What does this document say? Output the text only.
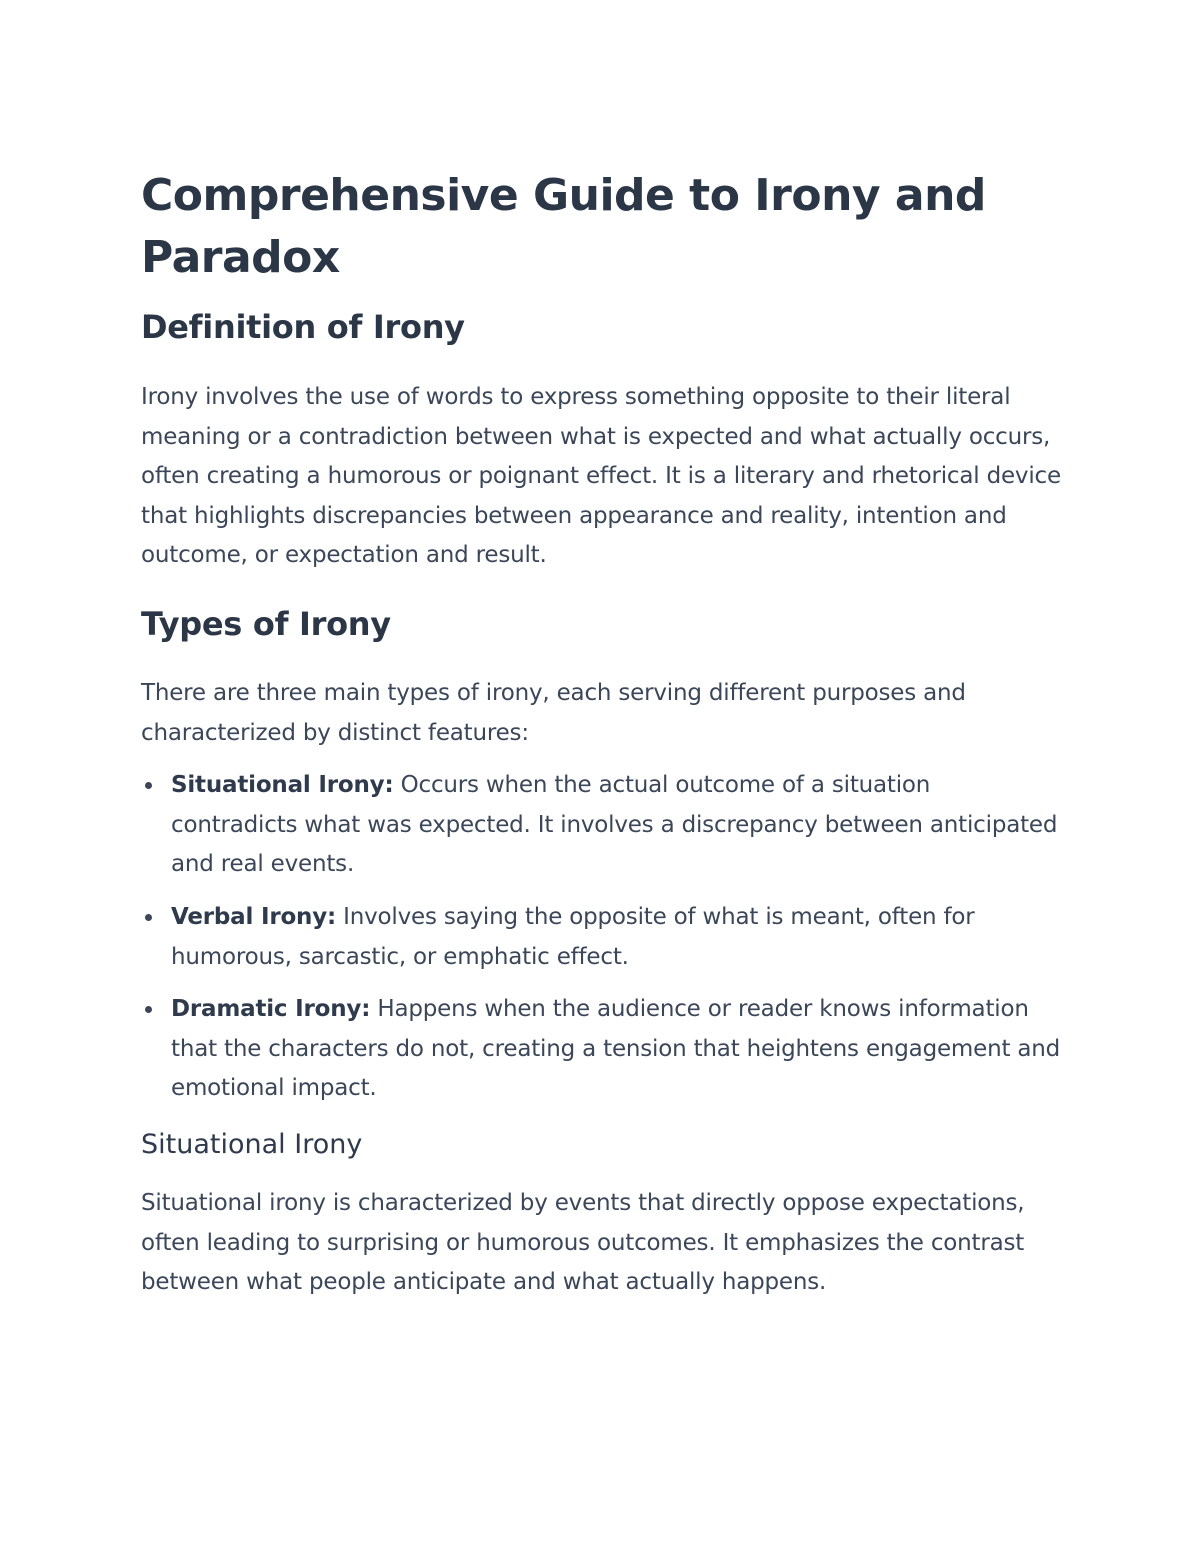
Comprehensive Guide to Irony and Paradox
Definition of Irony

Irony involves the use of words to express something opposite to their literal meaning or a contradiction between what is expected and what actually occurs, often creating a humorous or poignant effect. It is a literary and rhetorical device that highlights discrepancies between appearance and reality, intention and outcome, or expectation and result.

Types of Irony

There are three main types of irony, each serving different purposes and characterized by distinct features:

Situational Irony: Occurs when the actual outcome of a situation contradicts what was expected. It involves a discrepancy between anticipated and real events.
Verbal Irony: Involves saying the opposite of what is meant, often for humorous, sarcastic, or emphatic effect.
Dramatic Irony: Happens when the audience or reader knows information that the characters do not, creating a tension that heightens engagement and emotional impact.
Situational Irony

Situational irony is characterized by events that directly oppose expectations, often leading to surprising or humorous outcomes. It emphasizes the contrast between what people anticipate and what actually happens.
